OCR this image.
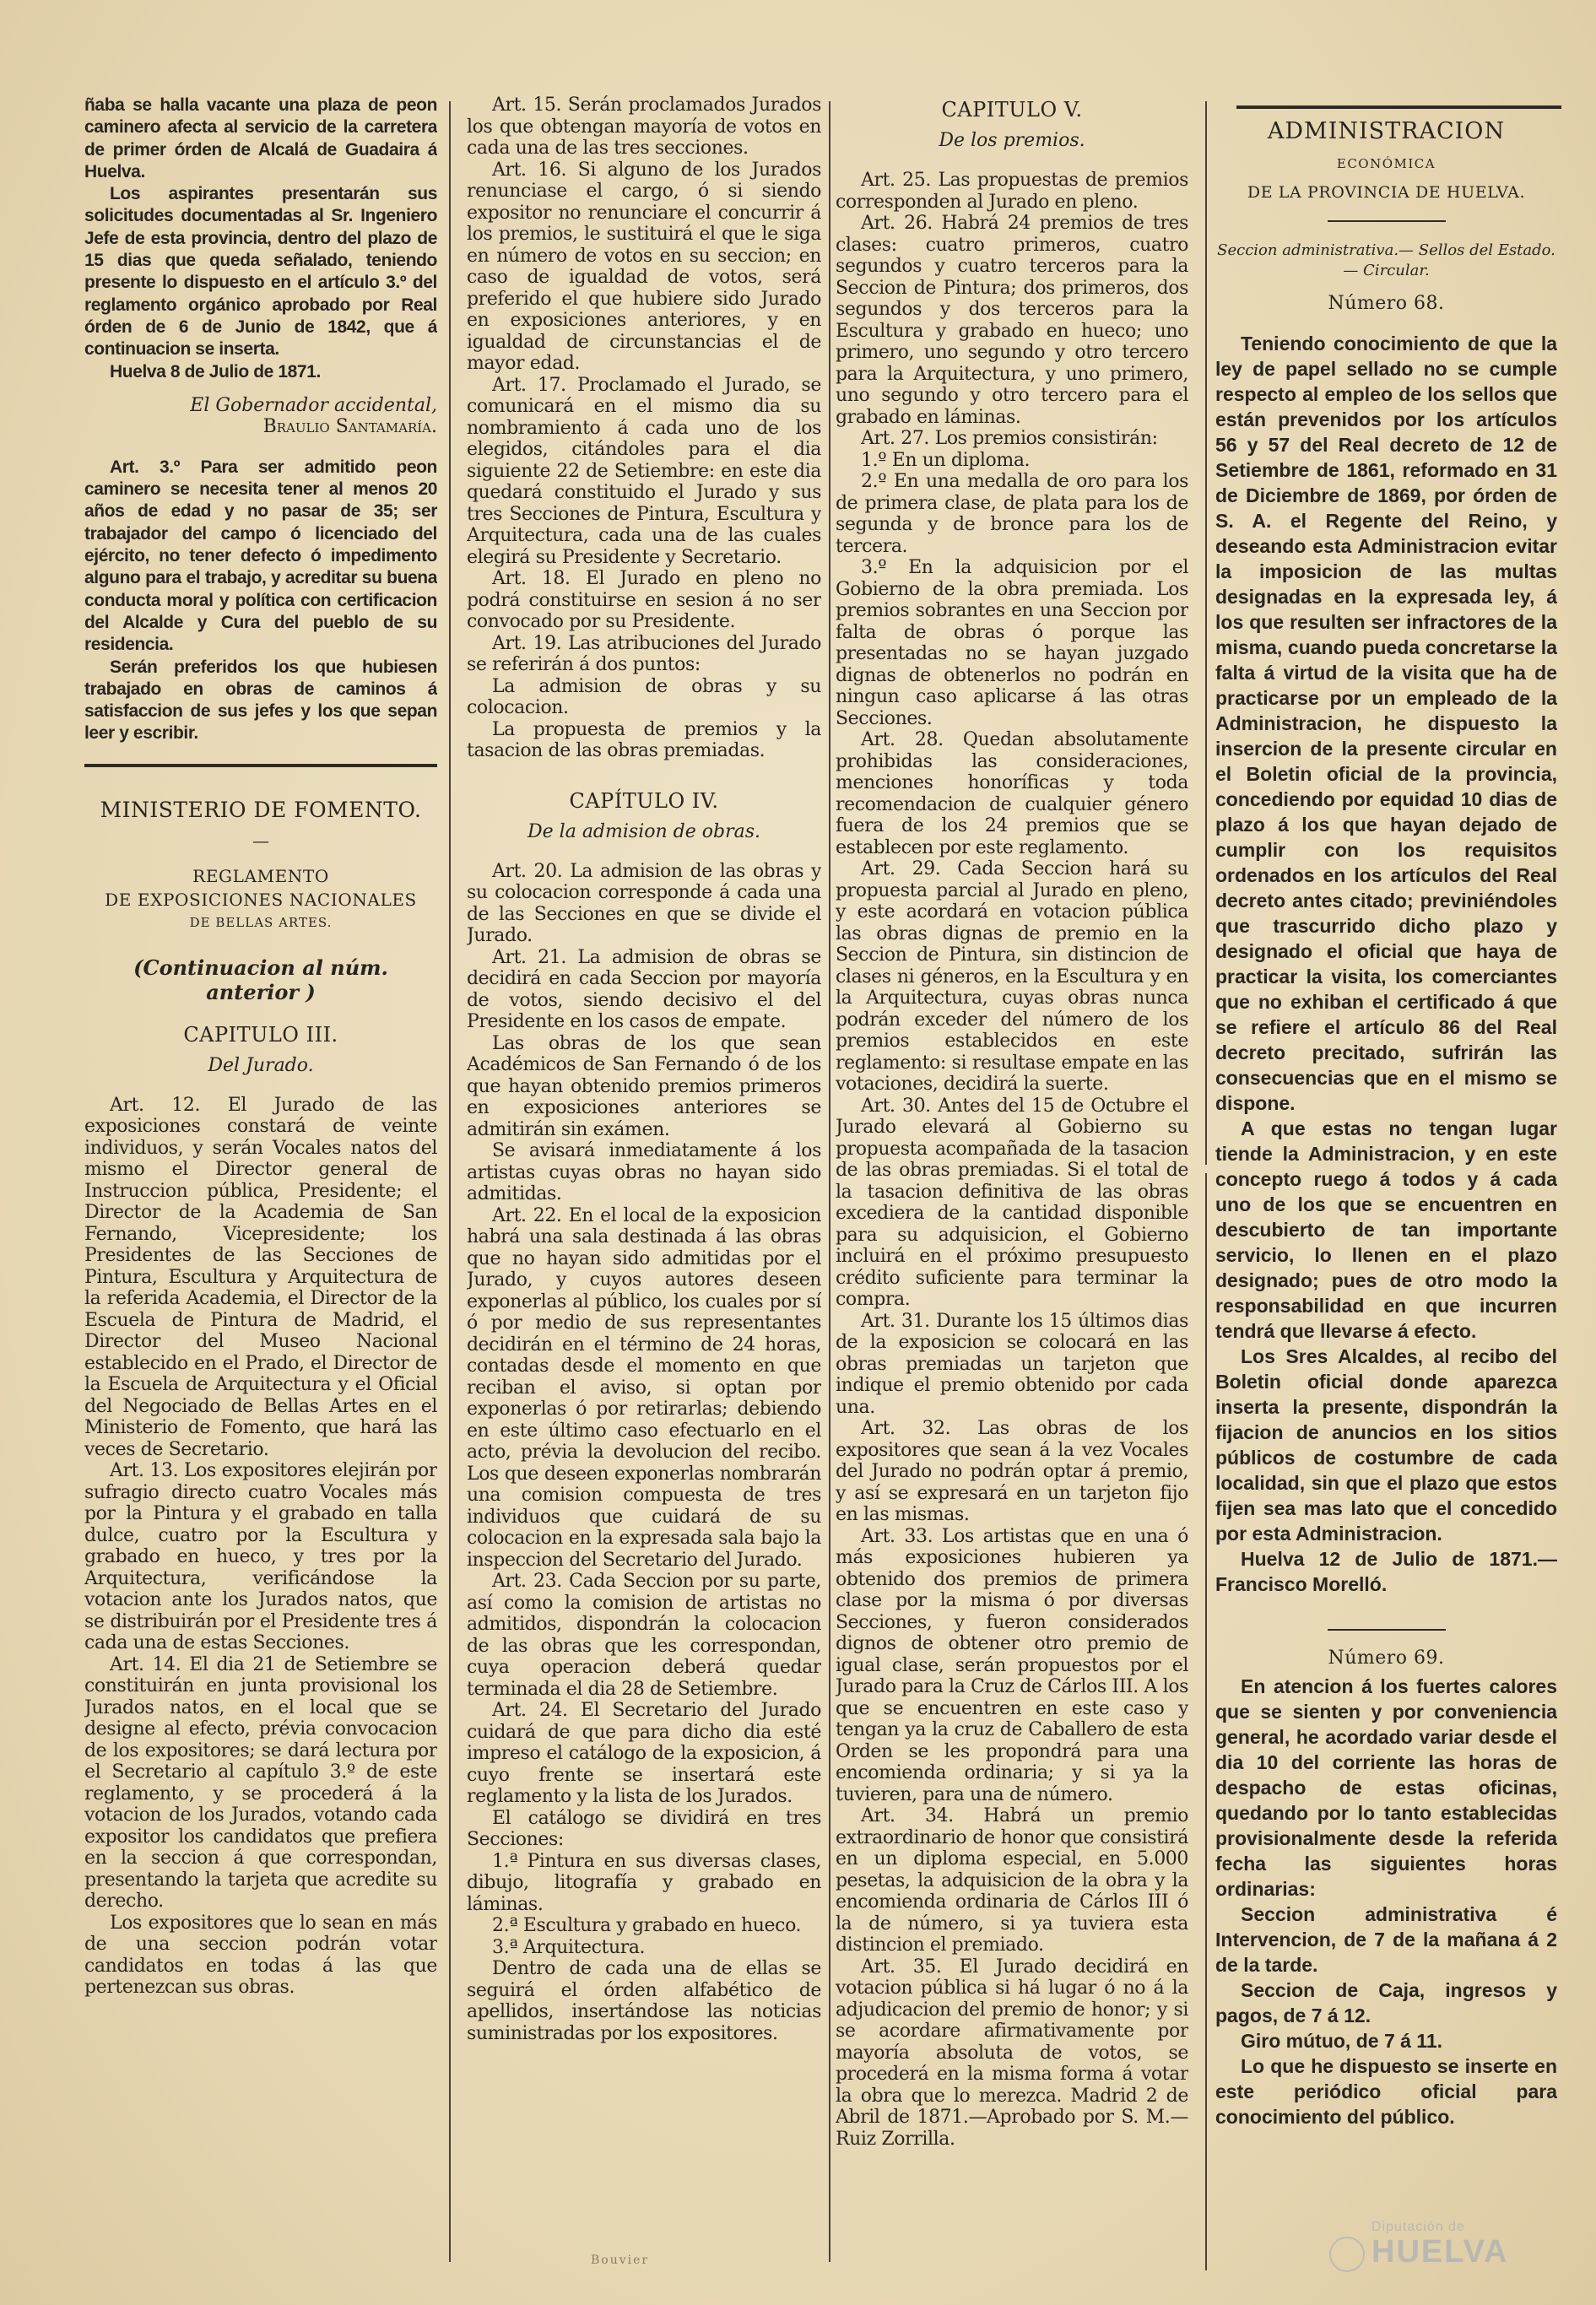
ñaba se halla vacante una plaza de peon caminero afecta al servicio de la carretera de primer órden de Alcalá de Guadaira á Huelva.

Los aspirantes presentarán sus solicitudes documentadas al Sr. Ingeniero Jefe de esta provincia, dentro del plazo de 15 dias que queda señalado, teniendo presente lo dispuesto en el artículo 3.º del reglamento orgánico aprobado por Real órden de 6 de Junio de 1842, que á continuacion se inserta.

Huelva 8 de Julio de 1871.

El Gobernador accidental,

Braulio Santamaría.

Art. 3.º Para ser admitido peon caminero se necesita tener al menos 20 años de edad y no pasar de 35; ser trabajador del campo ó licenciado del ejército, no tener defecto ó impedimento alguno para el trabajo, y acreditar su buena conducta moral y política con certificacion del Alcalde y Cura del pueblo de su residencia.

Serán preferidos los que hubiesen trabajado en obras de caminos á satisfaccion de sus jefes y los que sepan leer y escribir.

MINISTERIO DE FOMENTO.
—
REGLAMENTO
DE EXPOSICIONES NACIONALES
DE BELLAS ARTES.
(Continuacion al núm. anterior )
CAPITULO III.
Del Jurado.

Art. 12. El Jurado de las exposiciones constará de veinte individuos, y serán Vocales natos del mismo el Director general de Instruccion pública, Presidente; el Director de la Academia de San Fernando, Vicepresidente; los Presidentes de las Secciones de Pintura, Escultura y Arquitectura de la referida Academia, el Director de la Escuela de Pintura de Madrid, el Director del Museo Nacional establecido en el Prado, el Director de la Escuela de Arquitectura y el Oficial del Negociado de Bellas Artes en el Ministerio de Fomento, que hará las veces de Secretario.

Art. 13. Los expositores elejirán por sufragio directo cuatro Vocales más por la Pintura y el grabado en talla dulce, cuatro por la Escultura y grabado en hueco, y tres por la Arquitectura, verificándose la votacion ante los Jurados natos, que se distribuirán por el Presidente tres á cada una de estas Secciones.

Art. 14. El dia 21 de Setiembre se constituirán en junta provisional los Jurados natos, en el local que se designe al efecto, prévia convocacion de los expositores; se dará lectura por el Secretario al capítulo 3.º de este reglamento, y se procederá á la votacion de los Jurados, votando cada expositor los candidatos que prefiera en la seccion á que correspondan, presentando la tarjeta que acredite su derecho.

Los expositores que lo sean en más de una seccion podrán votar candidatos en todas á las que pertenezcan sus obras.

Art. 15. Serán proclamados Jurados los que obtengan mayoría de votos en cada una de las tres secciones.

Art. 16. Si alguno de los Jurados renunciase el cargo, ó si siendo expositor no renunciare el concurrir á los premios, le sustituirá el que le siga en número de votos en su seccion; en caso de igualdad de votos, será preferido el que hubiere sido Jurado en exposiciones anteriores, y en igualdad de circunstancias el de mayor edad.

Art. 17. Proclamado el Jurado, se comunicará en el mismo dia su nombramiento á cada uno de los elegidos, citándoles para el dia siguiente 22 de Setiembre: en este dia quedará constituido el Jurado y sus tres Secciones de Pintura, Escultura y Arquitectura, cada una de las cuales elegirá su Presidente y Secretario.

Art. 18. El Jurado en pleno no podrá constituirse en sesion á no ser convocado por su Presidente.

Art. 19. Las atribuciones del Jurado se referirán á dos puntos:

La admision de obras y su colocacion.

La propuesta de premios y la tasacion de las obras premiadas.

CAPÍTULO IV.
De la admision de obras.

Art. 20. La admision de las obras y su colocacion corresponde á cada una de las Secciones en que se divide el Jurado.

Art. 21. La admision de obras se decidirá en cada Seccion por mayoría de votos, siendo decisivo el del Presidente en los casos de empate.

Las obras de los que sean Académicos de San Fernando ó de los que hayan obtenido premios primeros en exposiciones anteriores se admitirán sin exámen.

Se avisará inmediatamente á los artistas cuyas obras no hayan sido admitidas.

Art. 22. En el local de la exposicion habrá una sala destinada á las obras que no hayan sido admitidas por el Jurado, y cuyos autores deseen exponerlas al público, los cuales por sí ó por medio de sus representantes decidirán en el término de 24 horas, contadas desde el momento en que reciban el aviso, si optan por exponerlas ó por retirarlas; debiendo en este último caso efectuarlo en el acto, prévia la devolucion del recibo. Los que deseen exponerlas nombrarán una comision compuesta de tres individuos que cuidará de su colocacion en la expresada sala bajo la inspeccion del Secretario del Jurado.

Art. 23. Cada Seccion por su parte, así como la comision de artistas no admitidos, dispondrán la colocacion de las obras que les correspondan, cuya operacion deberá quedar terminada el dia 28 de Setiembre.

Art. 24. El Secretario del Jurado cuidará de que para dicho dia esté impreso el catálogo de la exposicion, á cuyo frente se insertará este reglamento y la lista de los Jurados.

El catálogo se dividirá en tres Secciones:

1.ª Pintura en sus diversas clases, dibujo, litografía y grabado en láminas.

2.ª Escultura y grabado en hueco.

3.ª Arquitectura.

Dentro de cada una de ellas se seguirá el órden alfabético de apellidos, insertándose las noticias suministradas por los expositores.

CAPITULO V.
De los premios.

Art. 25. Las propuestas de premios corresponden al Jurado en pleno.

Art. 26. Habrá 24 premios de tres clases: cuatro primeros, cuatro segundos y cuatro terceros para la Seccion de Pintura; dos primeros, dos segundos y dos terceros para la Escultura y grabado en hueco; uno primero, uno segundo y otro tercero para la Arquitectura, y uno primero, uno segundo y otro tercero para el grabado en láminas.

Art. 27. Los premios consistirán:

1.º En un diploma.

2.º En una medalla de oro para los de primera clase, de plata para los de segunda y de bronce para los de tercera.

3.º En la adquisicion por el Gobierno de la obra premiada. Los premios sobrantes en una Seccion por falta de obras ó porque las presentadas no se hayan juzgado dignas de obtenerlos no podrán en ningun caso aplicarse á las otras Secciones.

Art. 28. Quedan absolutamente prohibidas las consideraciones, menciones honoríficas y toda recomendacion de cualquier género fuera de los 24 premios que se establecen por este reglamento.

Art. 29. Cada Seccion hará su propuesta parcial al Jurado en pleno, y este acordará en votacion pública las obras dignas de premio en la Seccion de Pintura, sin distincion de clases ni géneros, en la Escultura y en la Arquitectura, cuyas obras nunca podrán exceder del número de los premios establecidos en este reglamento: si resultase empate en las votaciones, decidirá la suerte.

Art. 30. Antes del 15 de Octubre el Jurado elevará al Gobierno su propuesta acompañada de la tasacion de las obras premiadas. Si el total de la tasacion definitiva de las obras excediera de la cantidad disponible para su adquisicion, el Gobierno incluirá en el próximo presupuesto crédito suficiente para terminar la compra.

Art. 31. Durante los 15 últimos dias de la exposicion se colocará en las obras premiadas un tarjeton que indique el premio obtenido por cada una.

Art. 32. Las obras de los expositores que sean á la vez Vocales del Jurado no podrán optar á premio, y así se expresará en un tarjeton fijo en las mismas.

Art. 33. Los artistas que en una ó más exposiciones hubieren ya obtenido dos premios de primera clase por la misma ó por diversas Secciones, y fueron considerados dignos de obtener otro premio de igual clase, serán propuestos por el Jurado para la Cruz de Cárlos III. A los que se encuentren en este caso y tengan ya la cruz de Caballero de esta Orden se les propondrá para una encomienda ordinaria; y si ya la tuvieren, para una de número.

Art. 34. Habrá un premio extraordinario de honor que consistirá en un diploma especial, en 5.000 pesetas, la adquisicion de la obra y la encomienda ordinaria de Cárlos III ó la de número, si ya tuviera esta distincion el premiado.

Art. 35. El Jurado decidirá en votacion pública si há lugar ó no á la adjudicacion del premio de honor; y si se acordare afirmativamente por mayoría absoluta de votos, se procederá en la misma forma á votar la obra que lo merezca. Madrid 2 de Abril de 1871.—Aprobado por S. M.—Ruiz Zorrilla.

ADMINISTRACION
ECONÓMICA
DE LA PROVINCIA DE HUELVA.
Seccion administrativa.— Sellos del Estado.— Circular.
Número 68.

Teniendo conocimiento de que la ley de papel sellado no se cumple respecto al empleo de los sellos que están prevenidos por los artículos 56 y 57 del Real decreto de 12 de Setiembre de 1861, reformado en 31 de Diciembre de 1869, por órden de S. A. el Regente del Reino, y deseando esta Administracion evitar la imposicion de las multas designadas en la expresada ley, á los que resulten ser infractores de la misma, cuando pueda concretarse la falta á virtud de la visita que ha de practicarse por un empleado de la Administracion, he dispuesto la insercion de la presente circular en el Boletin oficial de la provincia, concediendo por equidad 10 dias de plazo á los que hayan dejado de cumplir con los requisitos ordenados en los artículos del Real decreto antes citado; previniéndoles que trascurrido dicho plazo y designado el oficial que haya de practicar la visita, los comerciantes que no exhiban el certificado á que se refiere el artículo 86 del Real decreto precitado, sufrirán las consecuencias que en el mismo se dispone.

A que estas no tengan lugar tiende la Administracion, y en este concepto ruego á todos y á cada uno de los que se encuentren en descubierto de tan importante servicio, lo llenen en el plazo designado; pues de otro modo la responsabilidad en que incurren tendrá que llevarse á efecto.

Los Sres Alcaldes, al recibo del Boletin oficial donde aparezca inserta la presente, dispondrán la fijacion de anuncios en los sitios públicos de costumbre de cada localidad, sin que el plazo que estos fijen sea mas lato que el concedido por esta Administracion.

Huelva 12 de Julio de 1871.— Francisco Morelló.

Número 69.

En atencion á los fuertes calores que se sienten y por conveniencia general, he acordado variar desde el dia 10 del corriente las horas de despacho de estas oficinas, quedando por lo tanto establecidas provisionalmente desde la referida fecha las siguientes horas ordinarias:

Seccion administrativa é Intervencion, de 7 de la mañana á 2 de la tarde.

Seccion de Caja, ingresos y pagos, de 7 á 12.

Giro mútuo, de 7 á 11.

Lo que he dispuesto se inserte en este periódico oficial para conocimiento del público.

Bouvier
Diputación de
HUELVA
